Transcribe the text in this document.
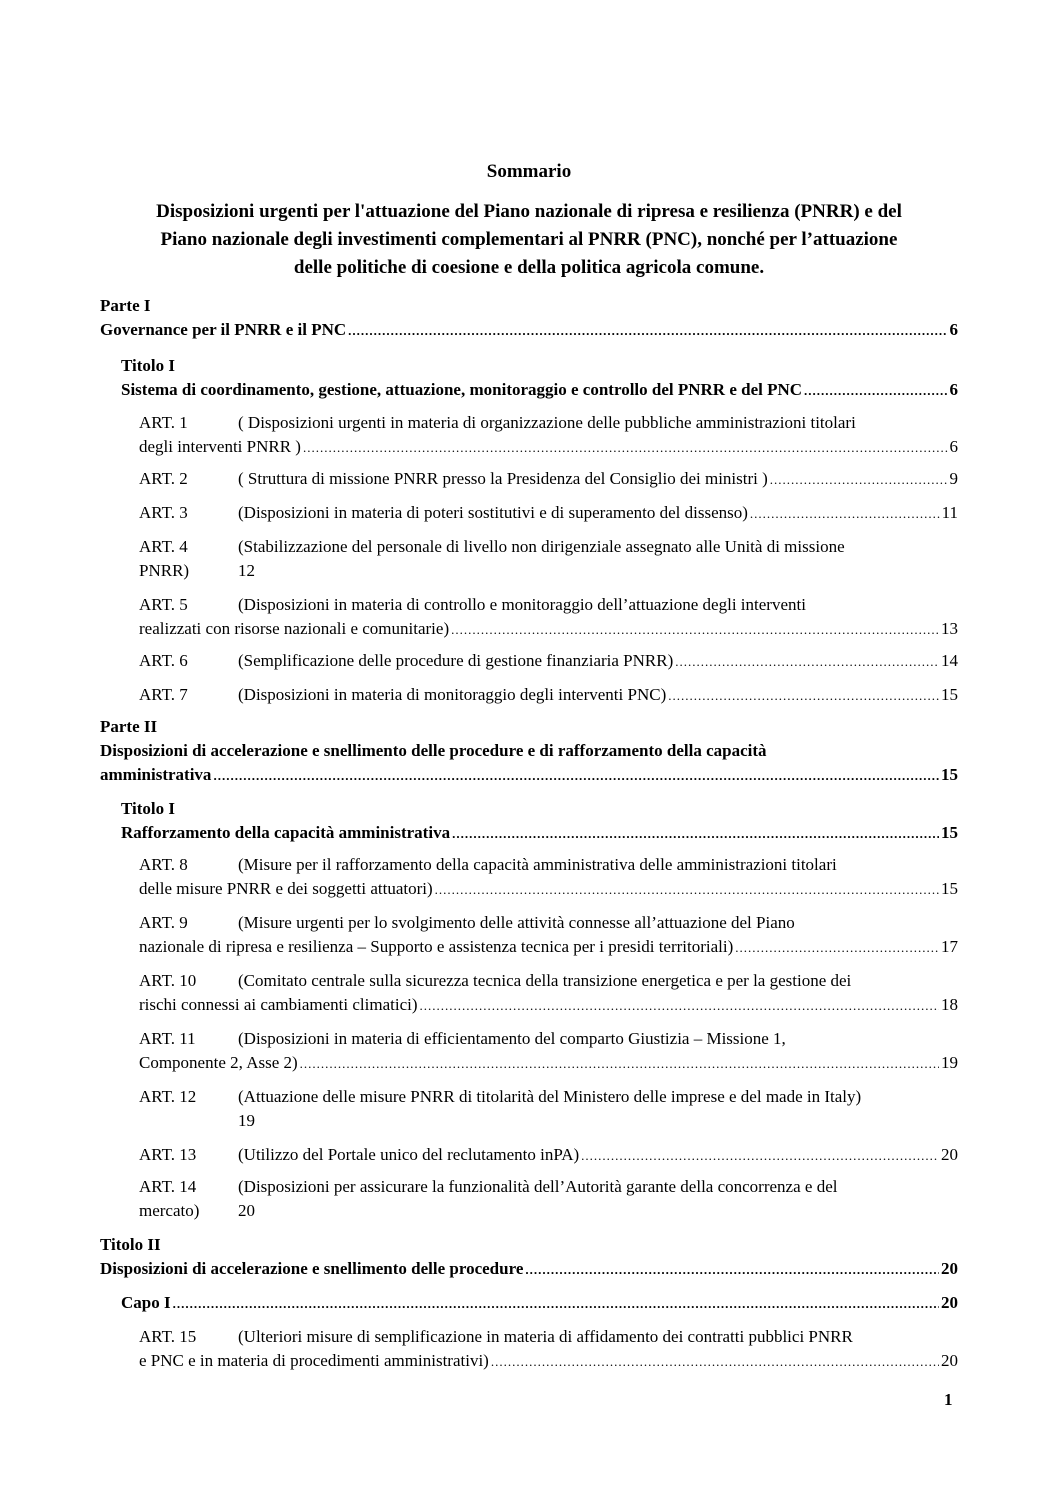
Sommario
Disposizioni urgenti per l'attuazione del Piano nazionale di ripresa e resilienza (PNRR) e del
Piano nazionale degli investimenti complementari al PNRR (PNC), nonché per l’attuazione
delle politiche di coesione e della politica agricola comune.
Parte I
Governance per il PNRR e il PNC .....	6
Titolo I
Sistema di coordinamento, gestione, attuazione, monitoraggio e controllo del PNRR e del PNC .....	6
ART. 1	( Disposizioni urgenti in materia di organizzazione delle pubbliche amministrazioni titolari
degli interventi PNRR ) .....	6
ART. 2	( Struttura di missione PNRR presso la Presidenza del Consiglio dei ministri ) .....	9
ART. 3	(Disposizioni in materia di poteri sostitutivi e di superamento del dissenso) .....	11
ART. 4	(Stabilizzazione del personale di livello non dirigenziale assegnato alle Unità di missione
PNRR)	12
ART. 5	(Disposizioni in materia di controllo e monitoraggio dell’attuazione degli interventi
realizzati con risorse nazionali e comunitarie) .....	13
ART. 6	(Semplificazione delle procedure di gestione finanziaria PNRR) .....	14
ART. 7	(Disposizioni in materia di monitoraggio degli interventi PNC) .....	15
Parte II
Disposizioni di accelerazione e snellimento delle procedure e di rafforzamento della capacità
amministrativa .....	15
Titolo I
Rafforzamento della capacità amministrativa .....	15
ART. 8	(Misure per il rafforzamento della capacità amministrativa delle amministrazioni titolari
delle misure PNRR e dei soggetti attuatori) .....	15
ART. 9	(Misure urgenti per lo svolgimento delle attività connesse all’attuazione del Piano
nazionale di ripresa e resilienza – Supporto e assistenza tecnica per i presidi territoriali) .....	17
ART. 10 (Comitato centrale sulla sicurezza tecnica della transizione energetica e per la gestione dei
rischi connessi ai cambiamenti climatici) .....	18
ART. 11 (Disposizioni in materia di efficientamento del comparto Giustizia – Missione 1,
Componente 2, Asse 2) .....	19
ART. 12 (Attuazione delle misure PNRR di titolarità del Ministero delle imprese e del made in Italy)
19
ART. 13 (Utilizzo del Portale unico del reclutamento inPA) .....	20
ART. 14 (Disposizioni per assicurare la funzionalità dell’Autorità garante della concorrenza e del
mercato) 20
Titolo II
Disposizioni di accelerazione e snellimento delle procedure .....	20
Capo I .....	20
ART. 15 (Ulteriori misure di semplificazione in materia di affidamento dei contratti pubblici PNRR
e PNC e in materia di procedimenti amministrativi) .....	20
1
